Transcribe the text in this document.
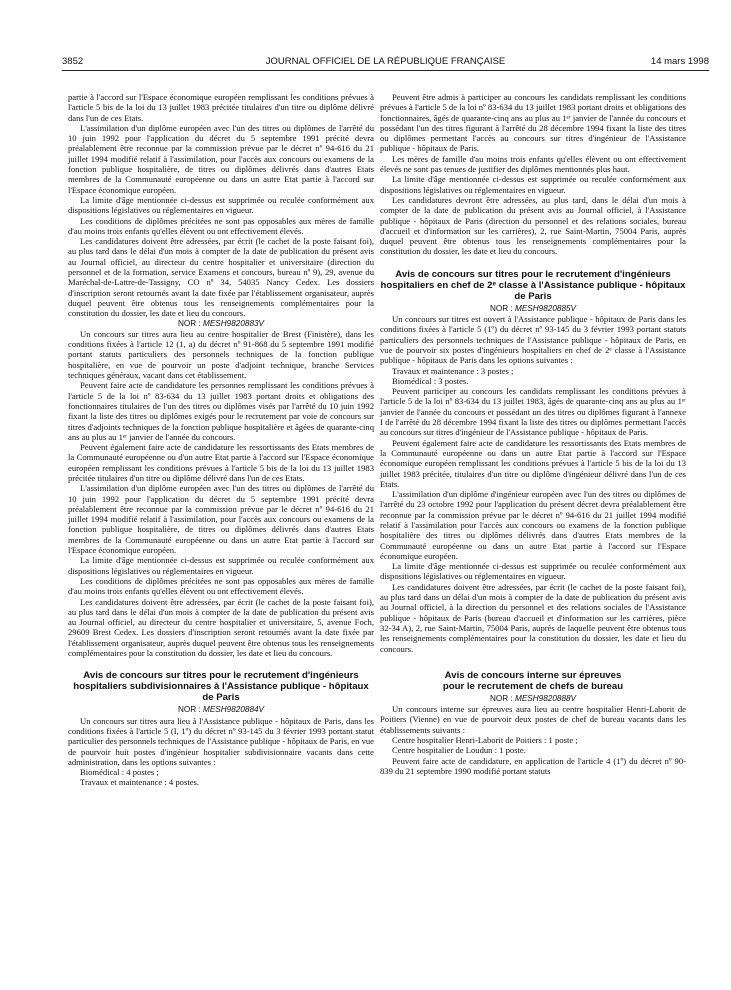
3852	JOURNAL OFFICIEL DE LA RÉPUBLIQUE FRANÇAISE	14 mars 1998

partie à l'accord sur l'Espace économique européen remplissant les conditions prévues à l'article 5 bis de la loi du 13 juillet 1983 précitée titulaires d'un titre ou diplôme délivré dans l'un de ces Etats.

L'assimilation d'un diplôme européen avec l'un des titres ou diplômes de l'arrêté du 10 juin 1992 pour l'application du décret du 5 septembre 1991 précité devra préalablement être reconnue par la commission prévue par le décret nº 94-616 du 21 juillet 1994 modifié relatif à l'assimilation, pour l'accès aux concours ou examens de la fonction publique hospitalière, de titres ou diplômes délivrés dans d'autres Etats membres de la Communauté européenne ou dans un autre Etat partie à l'accord sur l'Espace économique européen.

La limite d'âge mentionnée ci-dessus est supprimée ou reculée conformément aux dispositions législatives ou réglementaires en vigueur.

Les conditions de diplômes précitées ne sont pas opposables aux mères de famille d'au moins trois enfants qu'elles élèvent ou ont effectivement élevés.

Les candidatures doivent être adressées, par écrit (le cachet de la poste faisant foi), au plus tard dans le délai d'un mois à compter de la date de publication du présent avis au Journal officiel, au directeur du centre hospitalier et universitaire (direction du personnel et de la formation, service Examens et concours, bureau nº 9), 29, avenue du Maréchal-de-Lattre-de-Tassigny, CO nº 34, 54035 Nancy Cedex. Les dossiers d'inscription seront retournés avant la date fixée par l'établissement organisateur, auprès duquel peuvent être obtenus tous les renseignements complémentaires pour la constitution du dossier, les date et lieu du concours.

NOR : MESH9820883V

Un concours sur titres aura lieu au centre hospitalier de Brest (Finistère), dans les conditions fixées à l'article 12 (1, a) du décret nº 91-868 du 5 septembre 1991 modifié portant statuts particuliers des personnels techniques de la fonction publique hospitalière, en vue de pourvoir un poste d'adjoint technique, branche Services techniques généraux, vacant dans cet établissement.

Peuvent faire acte de candidature les personnes remplissant les conditions prévues à l'article 5 de la loi nº 83-634 du 13 juillet 1983 portant droits et obligations des fonctionnaires titulaires de l'un des titres ou diplômes visés par l'arrêté du 10 juin 1992 fixant la liste des titres ou diplômes exigés pour le recrutement par voie de concours sur titres d'adjoints techniques de la fonction publique hospitalière et âgées de quarante-cinq ans au plus au 1ᵉʳ janvier de l'année du concours.

Peuvent également faire acte de candidature les ressortissants des Etats membres de la Communauté européenne ou d'un autre Etat partie à l'accord sur l'Espace économique européen remplissant les conditions prévues à l'article 5 bis de la loi du 13 juillet 1983 précitée titulaires d'un titre ou diplôme délivré dans l'un de ces Etats.

L'assimilation d'un diplôme européen avec l'un des titres ou diplômes de l'arrêté du 10 juin 1992 pour l'application du décret du 5 septembre 1991 précité devra préalablement être reconnue par la commission prévue par le décret nº 94-616 du 21 juillet 1994 modifié relatif à l'assimilation, pour l'accès aux concours ou examens de la fonction publique hospitalière, de titres ou diplômes délivrés dans d'autres Etats membres de la Communauté européenne ou dans un autre Etat partie à l'accord sur l'Espace économique européen.

La limite d'âge mentionnée ci-dessus est supprimée ou reculée conformément aux dispositions législatives ou réglementaires en vigueur.

Les conditions de diplômes précitées ne sont pas opposables aux mères de famille d'au moins trois enfants qu'elles élèvent ou ont effectivement élevés.

Les candidatures doivent être adressées, par écrit (le cachet de la poste faisant foi), au plus tard dans le délai d'un mois à compter de la date de publication du présent avis au Journal officiel, au directeur du centre hospitalier et universitaire, 5, avenue Foch, 29609 Brest Cedex. Les dossiers d'inscription seront retournés avant la date fixée par l'établissement organisateur, auprès duquel peuvent être obtenus tous les renseignements complémentaires pour la constitution du dossier, les date et lieu du concours.

Avis de concours sur titres pour le recrutement d'ingénieurs hospitaliers subdivisionnaires à l'Assistance publique - hôpitaux de Paris

NOR : MESH9820884V

Un concours sur titres aura lieu à l'Assistance publique - hôpitaux de Paris, dans les conditions fixées à l'article 5 (I, 1º) du décret nº 93-145 du 3 février 1993 portant statut particulier des personnels techniques de l'Assistance publique - hôpitaux de Paris, en vue de pourvoir huit postes d'ingénieur hospitalier subdivisionnaire vacants dans cette administration, dans les options suivantes :

Biomédical : 4 postes ;

Travaux et maintenance : 4 postes.

Peuvent être admis à participer au concours les candidats remplissant les conditions prévues à l'article 5 de la loi nº 83-634 du 13 juillet 1983 portant droits et obligations des fonctionnaires, âgés de quarante-cinq ans au plus au 1ᵉʳ janvier de l'année du concours et possédant l'un des titres figurant à l'arrêté du 28 décembre 1994 fixant la liste des titres ou diplômes permettant l'accès au concours sur titres d'ingénieur de l'Assistance publique - hôpitaux de Paris.

Les mères de famille d'au moins trois enfants qu'elles élèvent ou ont effectivement élevés ne sont pas tenues de justifier des diplômes mentionnés plus haut.

La limite d'âge mentionnée ci-dessus est supprimée ou reculée conformément aux dispositions législatives ou réglementaires en vigueur.

Les candidatures devront être adressées, au plus tard, dans le délai d'un mois à compter de la date de publication du présent avis au Journal officiel, à l'Assistance publique - hôpitaux de Paris (direction du personnel et des relations sociales, bureau d'accueil et d'information sur les carrières), 2, rue Saint-Martin, 75004 Paris, auprès duquel peuvent être obtenus tous les renseignements complémentaires pour la constitution du dossier, les date et lieu du concours.

Avis de concours sur titres pour le recrutement d'ingénieurs hospitaliers en chef de 2ᵉ classe à l'Assistance publique - hôpitaux de Paris

NOR : MESH9820885V

Un concours sur titres est ouvert à l'Assistance publique - hôpitaux de Paris dans les conditions fixées à l'article 5 (1º) du décret nº 93-145 du 3 février 1993 portant statuts particuliers des personnels techniques de l'Assistance publique - hôpitaux de Paris, en vue de pourvoir six postes d'ingénieurs hospitaliers en chef de 2ᵉ classe à l'Assistance publique - hôpitaux de Paris dans les options suivantes :

Travaux et maintenance : 3 postes ;

Biomédical : 3 postes.

Peuvent participer au concours les candidats remplissant les conditions prévues à l'article 5 de la loi nº 83-634 du 13 juillet 1983, âgés de quarante-cinq ans au plus au 1ᵉʳ janvier de l'année du concours et possédant un des titres ou diplômes figurant à l'annexe I de l'arrêté du 28 décembre 1994 fixant la liste des titres ou diplômes permettant l'accès au concours sur titres d'ingénieur de l'Assistance publique - hôpitaux de Paris.

Peuvent également faire acte de candidature les ressortissants des Etats membres de la Communauté européenne ou dans un autre Etat partie à l'accord sur l'Espace économique européen remplissant les conditions prévues à l'article 5 bis de la loi du 13 juillet 1983 précitée, titulaires d'un titre ou diplôme d'ingénieur délivré dans l'un de ces Etats.

L'assimilation d'un diplôme d'ingénieur européen avec l'un des titres ou diplômes de l'arrêté du 23 octobre 1992 pour l'application du présent décret devra préalablement être reconnue par la commission prévue par le décret nº 94-616 du 21 juillet 1994 modifié relatif à l'assimilation pour l'accès aux concours ou examens de la fonction publique hospitalière des titres ou diplômes délivrés dans d'autres Etats membres de la Communauté européenne ou dans un autre Etat partie à l'accord sur l'Espace économique européen.

La limite d'âge mentionnée ci-dessus est supprimée ou reculée conformément aux dispositions législatives ou réglementaires en vigueur.

Les candidatures doivent être adressées, par écrit (le cachet de la poste faisant foi), au plus tard dans un délai d'un mois à compter de la date de publication du présent avis au Journal officiel, à la direction du personnel et des relations sociales de l'Assistance publique - hôpitaux de Paris (bureau d'accueil et d'information sur les carrières, pièce 32-34 A), 2, rue Saint-Martin, 75004 Paris, auprès de laquelle peuvent être obtenus tous les renseignements complémentaires pour la constitution du dossier, les date et lieu du concours.

Avis de concours interne sur épreuves
pour le recrutement de chefs de bureau

NOR : MESH9820888V

Un concours interne sur épreuves aura lieu au centre hospitalier Henri-Laborit de Poitiers (Vienne) en vue de pourvoir deux postes de chef de bureau vacants dans les établissements suivants :

Centre hospitalier Henri-Laborit de Poitiers : 1 poste ;

Centre hospitalier de Loudun : 1 poste.

Peuvent faire acte de candidature, en application de l'article 4 (1º) du décret nº 90-839 du 21 septembre 1990 modifié portant statuts
